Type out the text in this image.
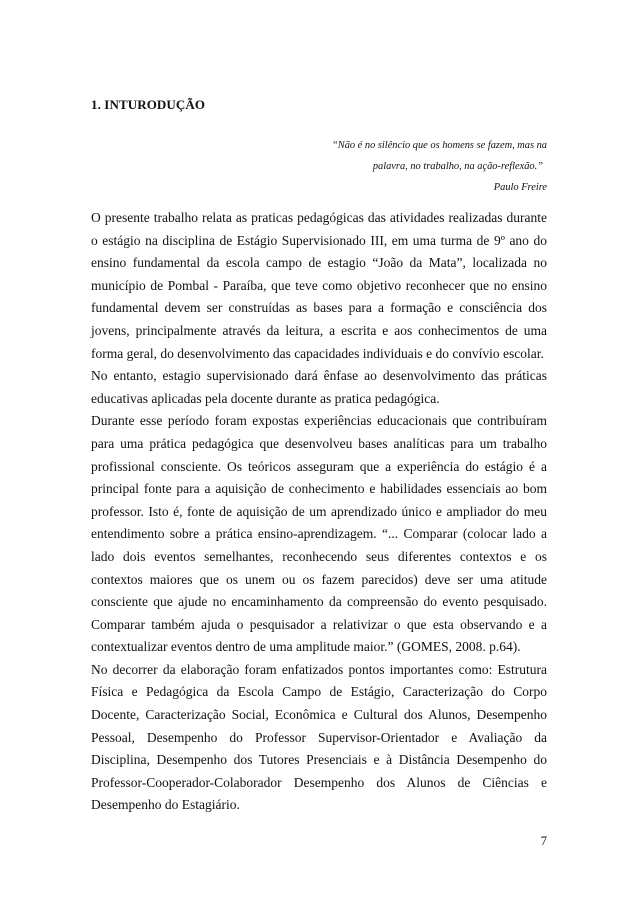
1. INTURODUÇÃO
“Não é no silêncio que os homens se fazem, mas na
palavra, no trabalho, na ação-reflexão.”
Paulo Freire

O presente trabalho relata as praticas pedagógicas das atividades realizadas durante o estágio na disciplina de Estágio Supervisionado III, em uma turma de 9º ano do ensino fundamental da escola campo de estagio “João da Mata”, localizada no município de Pombal - Paraíba, que teve como objetivo reconhecer que no ensino fundamental devem ser construídas as bases para a formação e consciência dos jovens, principalmente através da leitura, a escrita e aos conhecimentos de uma forma geral, do desenvolvimento das capacidades individuais e do convívio escolar.

No entanto, estagio supervisionado dará ênfase ao desenvolvimento das práticas educativas aplicadas pela docente durante as pratica pedagógica.

Durante esse período foram expostas experiências educacionais que contribuíram para uma prática pedagógica que desenvolveu bases analíticas para um trabalho profissional consciente. Os teóricos asseguram que a experiência do estágio é a principal fonte para a aquisição de conhecimento e habilidades essenciais ao bom professor. Isto é, fonte de aquisição de um aprendizado único e ampliador do meu entendimento sobre a prática ensino-aprendizagem. “... Comparar (colocar lado a lado dois eventos semelhantes, reconhecendo seus diferentes contextos e os contextos maiores que os unem ou os fazem parecidos) deve ser uma atitude consciente que ajude no encaminhamento da compreensão do evento pesquisado. Comparar também ajuda o pesquisador a relativizar o que esta observando e a contextualizar eventos dentro de uma amplitude maior.” (GOMES, 2008. p.64).

No decorrer da elaboração foram enfatizados pontos importantes como: Estrutura Física e Pedagógica da Escola Campo de Estágio, Caracterização do Corpo Docente, Caracterização Social, Econômica e Cultural dos Alunos, Desempenho Pessoal, Desempenho do Professor Supervisor-Orientador e Avaliação da Disciplina, Desempenho dos Tutores Presenciais e à Distância Desempenho do Professor-Cooperador-Colaborador Desempenho dos Alunos de Ciências e Desempenho do Estagiário.

7
